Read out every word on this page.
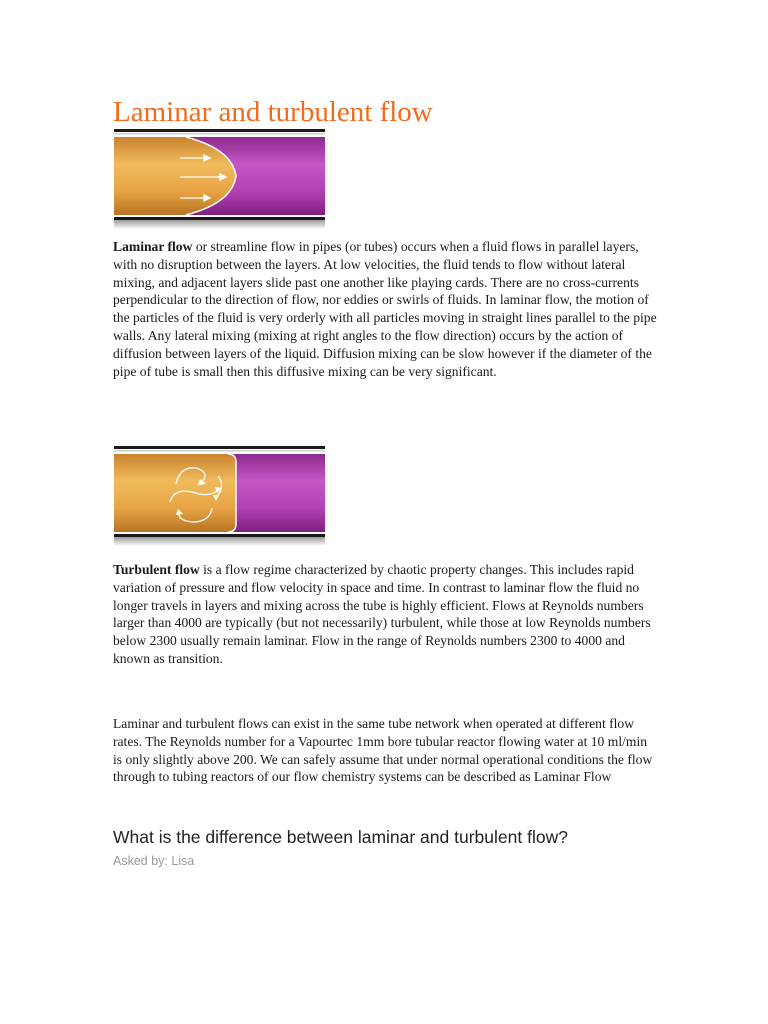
Laminar and turbulent flow

Laminar flow or streamline flow in pipes (or tubes) occurs when a fluid flows in parallel layers, with no disruption between the layers. At low velocities, the fluid tends to flow without lateral mixing, and adjacent layers slide past one another like playing cards. There are no cross-currents perpendicular to the direction of flow, nor eddies or swirls of fluids. In laminar flow, the motion of the particles of the fluid is very orderly with all particles moving in straight lines parallel to the pipe walls. Any lateral mixing (mixing at right angles to the flow direction) occurs by the action of diffusion between layers of the liquid. Diffusion mixing can be slow however if the diameter of the pipe of tube is small then this diffusive mixing can be very significant.

Turbulent flow is a flow regime characterized by chaotic property changes. This includes rapid variation of pressure and flow velocity in space and time. In contrast to laminar flow the fluid no longer travels in layers and mixing across the tube is highly efficient. Flows at Reynolds numbers larger than 4000 are typically (but not necessarily) turbulent, while those at low Reynolds numbers below 2300 usually remain laminar. Flow in the range of Reynolds numbers 2300 to 4000 and known as transition.

Laminar and turbulent flows can exist in the same tube network when operated at different flow rates. The Reynolds number for a Vapourtec 1mm bore tubular reactor flowing water at 10 ml/min is only slightly above 200. We can safely assume that under normal operational conditions the flow through to tubing reactors of our flow chemistry systems can be described as Laminar Flow

What is the difference between laminar and turbulent flow?

Asked by: Lisa
